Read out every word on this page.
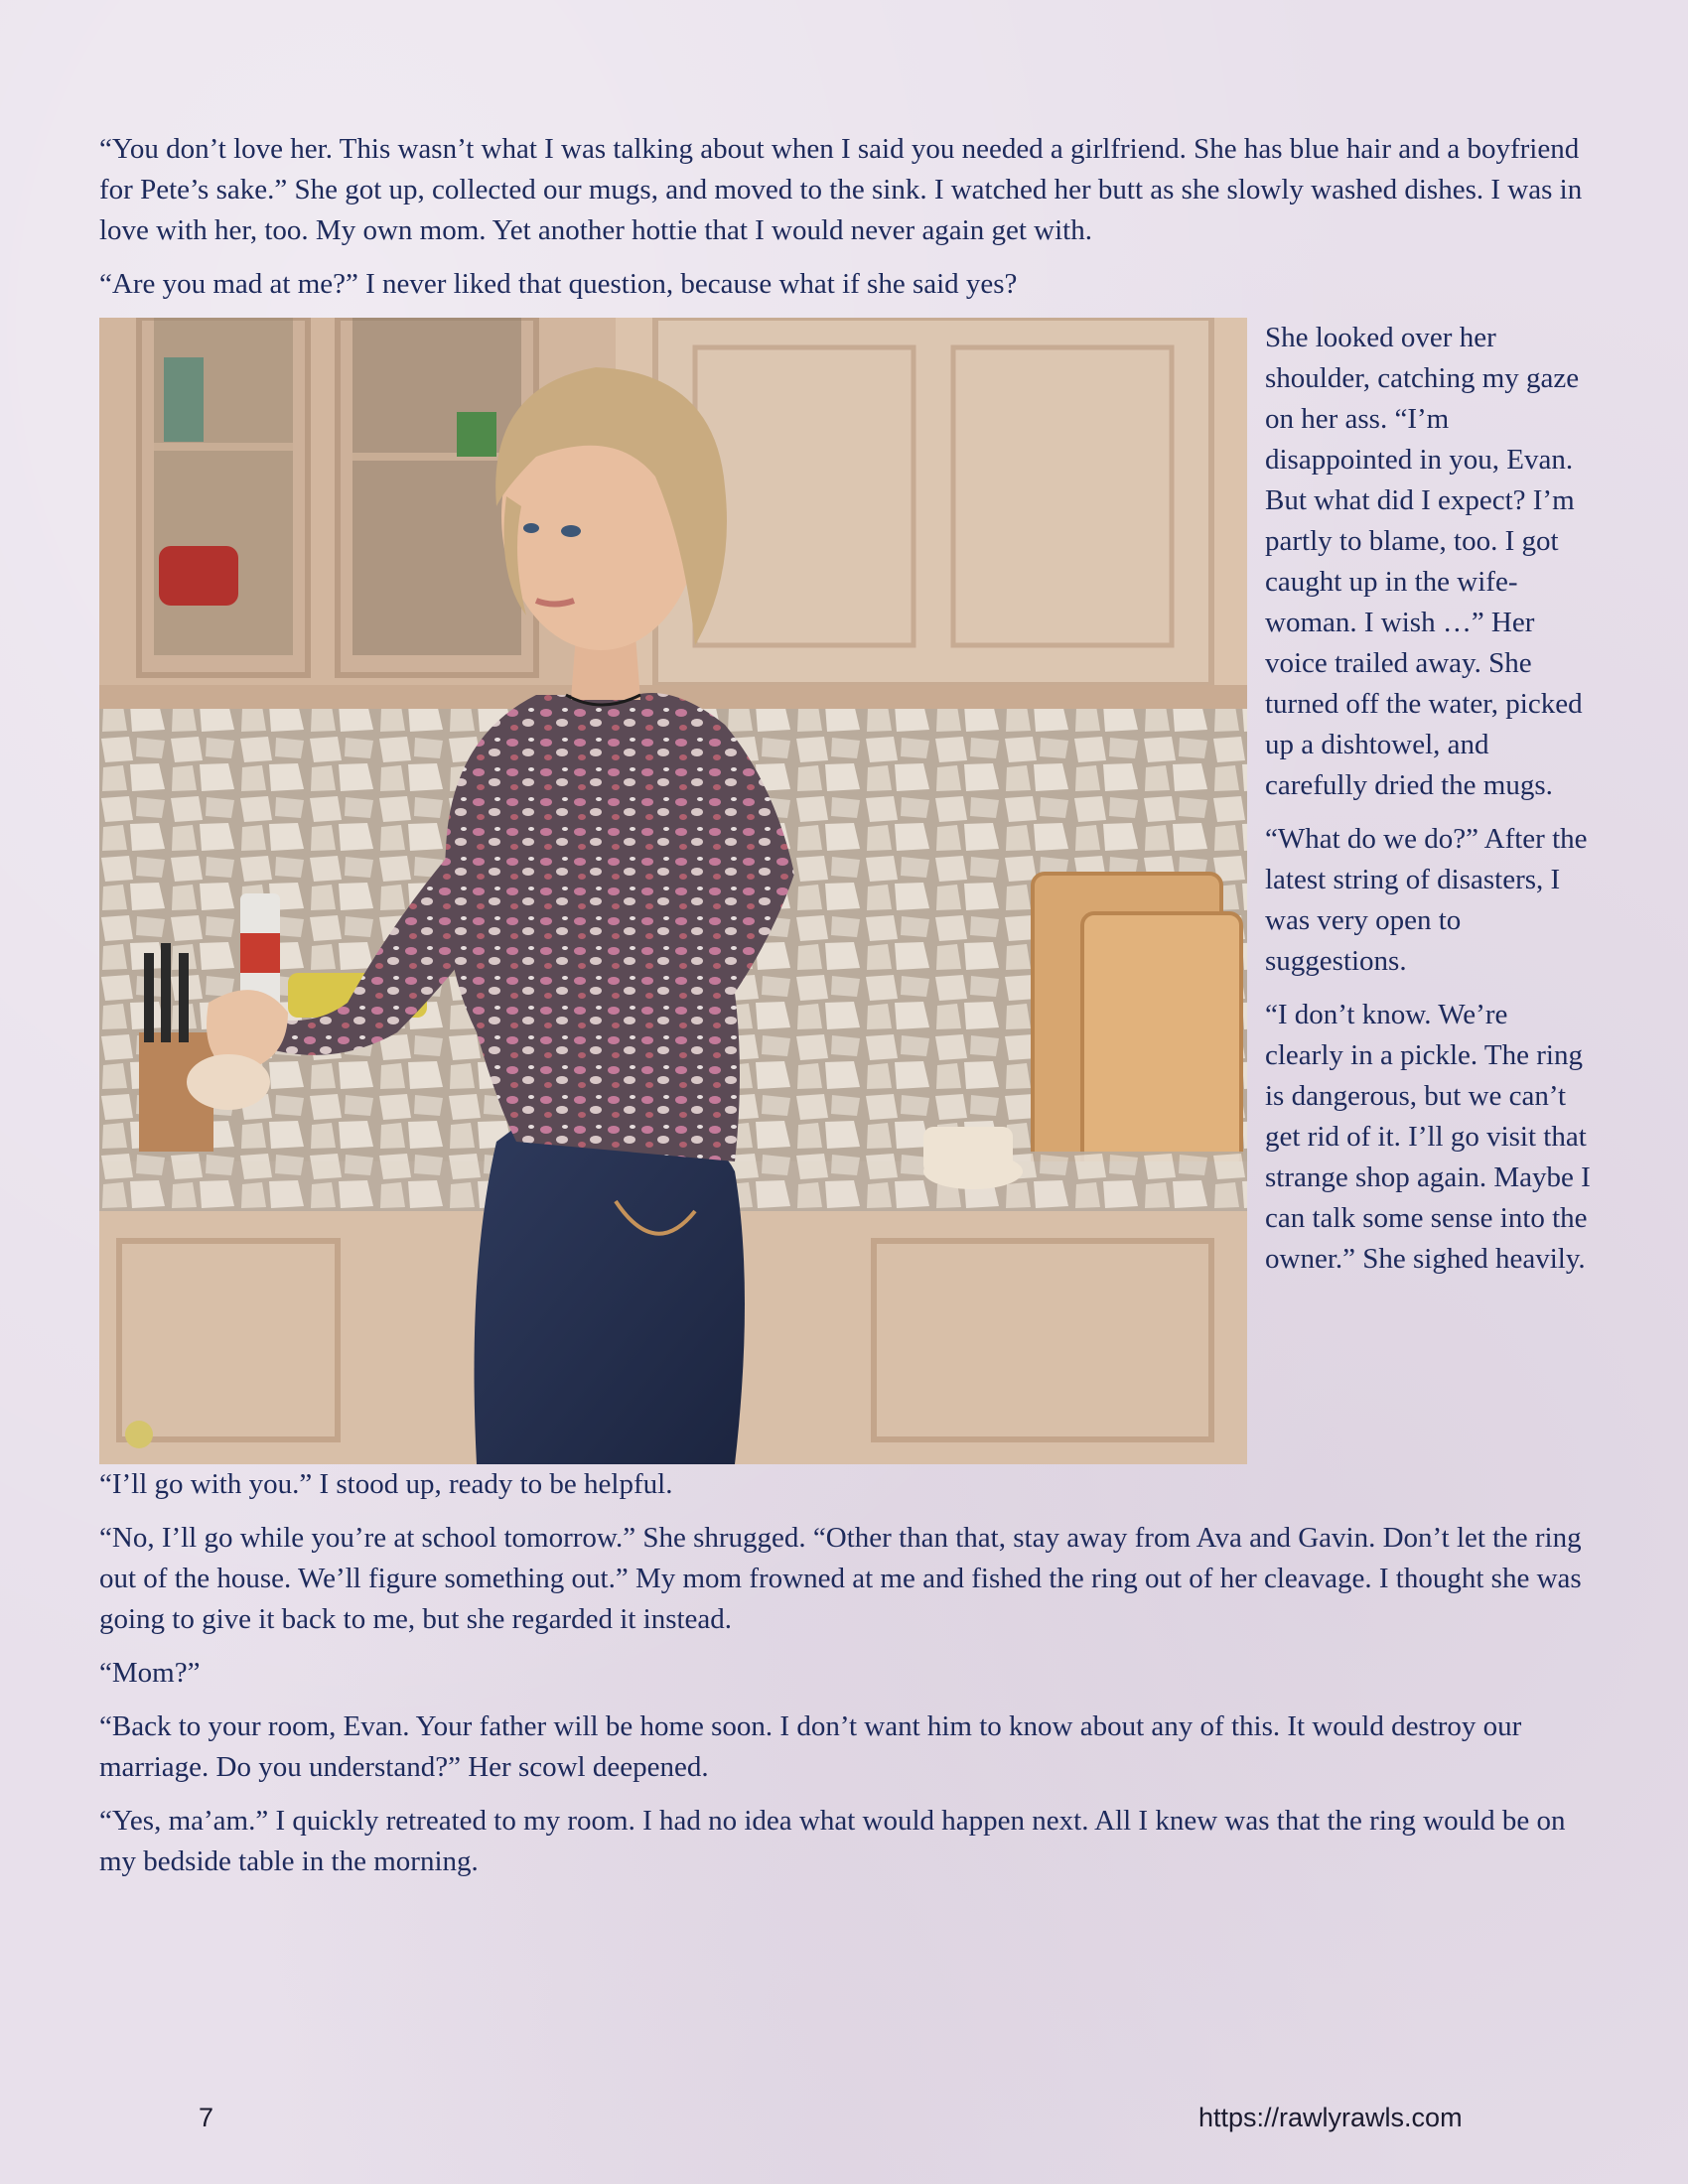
“You don’t love her. This wasn’t what I was talking about when I said you needed a girlfriend. She has blue hair and a boyfriend for Pete’s sake.” She got up, collected our mugs, and moved to the sink. I watched her butt as she slowly washed dishes. I was in love with her, too. My own mom. Yet another hottie that I would never again get with.

“Are you mad at me?” I never liked that question, because what if she said yes?

She looked over her shoulder, catching my gaze on her ass. “I’m disappointed in you, Evan. But what did I expect? I’m partly to blame, too. I got caught up in the wife-woman. I wish …” Her voice trailed away. She turned off the water, picked up a dishtowel, and carefully dried the mugs.

“What do we do?” After the latest string of disasters, I was very open to suggestions.

“I don’t know. We’re clearly in a pickle. The ring is dangerous, but we can’t get rid of it. I’ll go visit that strange shop again. Maybe I can talk some sense into the owner.” She sighed heavily.

“I’ll go with you.” I stood up, ready to be helpful.

“No, I’ll go while you’re at school tomorrow.” She shrugged. “Other than that, stay away from Ava and Gavin. Don’t let the ring out of the house. We’ll figure something out.” My mom frowned at me and fished the ring out of her cleavage. I thought she was going to give it back to me, but she regarded it instead.

“Mom?”

“Back to your room, Evan. Your father will be home soon. I don’t want him to know about any of this. It would destroy our marriage. Do you understand?” Her scowl deepened.

“Yes, ma’am.” I quickly retreated to my room. I had no idea what would happen next. All I knew was that the ring would be on my bedside table in the morning.

7	https://rawlyrawls.com
